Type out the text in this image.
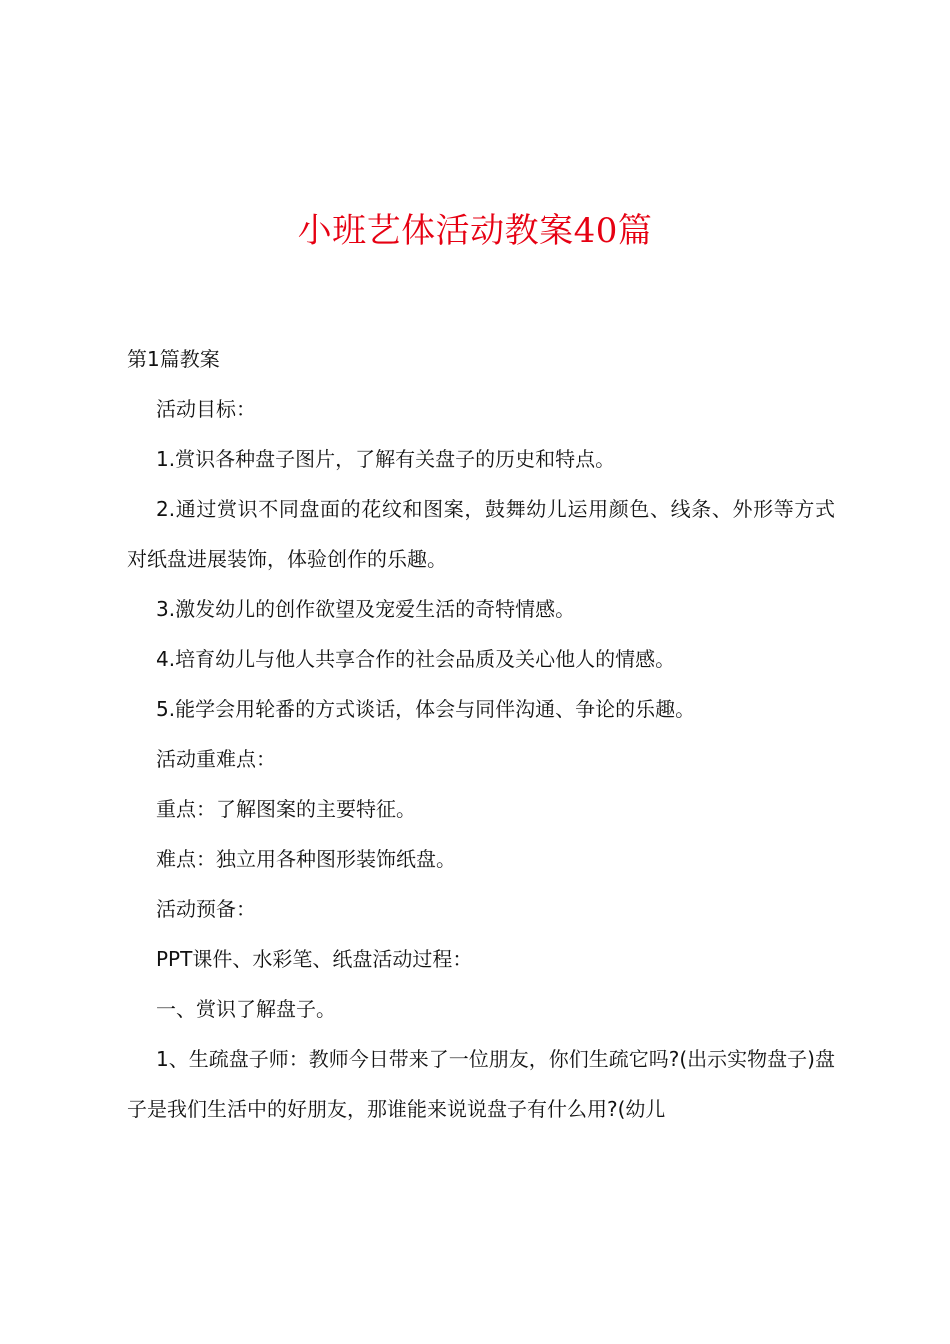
小班艺体活动教案40篇

第1篇教案

活动目标：

1.赏识各种盘子图片，了解有关盘子的历史和特点。

2.通过赏识不同盘面的花纹和图案，鼓舞幼儿运用颜色、线条、外形等方式对纸盘进展装饰，体验创作的乐趣。

3.激发幼儿的创作欲望及宠爱生活的奇特情感。

4.培育幼儿与他人共享合作的社会品质及关心他人的情感。

5.能学会用轮番的方式谈话，体会与同伴沟通、争论的乐趣。

活动重难点：

重点：了解图案的主要特征。

难点：独立用各种图形装饰纸盘。

活动预备：

PPT课件、水彩笔、纸盘活动过程：

一、赏识了解盘子。

1、生疏盘子师：教师今日带来了一位朋友，你们生疏它吗?(出示实物盘子)盘子是我们生活中的好朋友，那谁能来说说盘子有什么用?(幼儿
